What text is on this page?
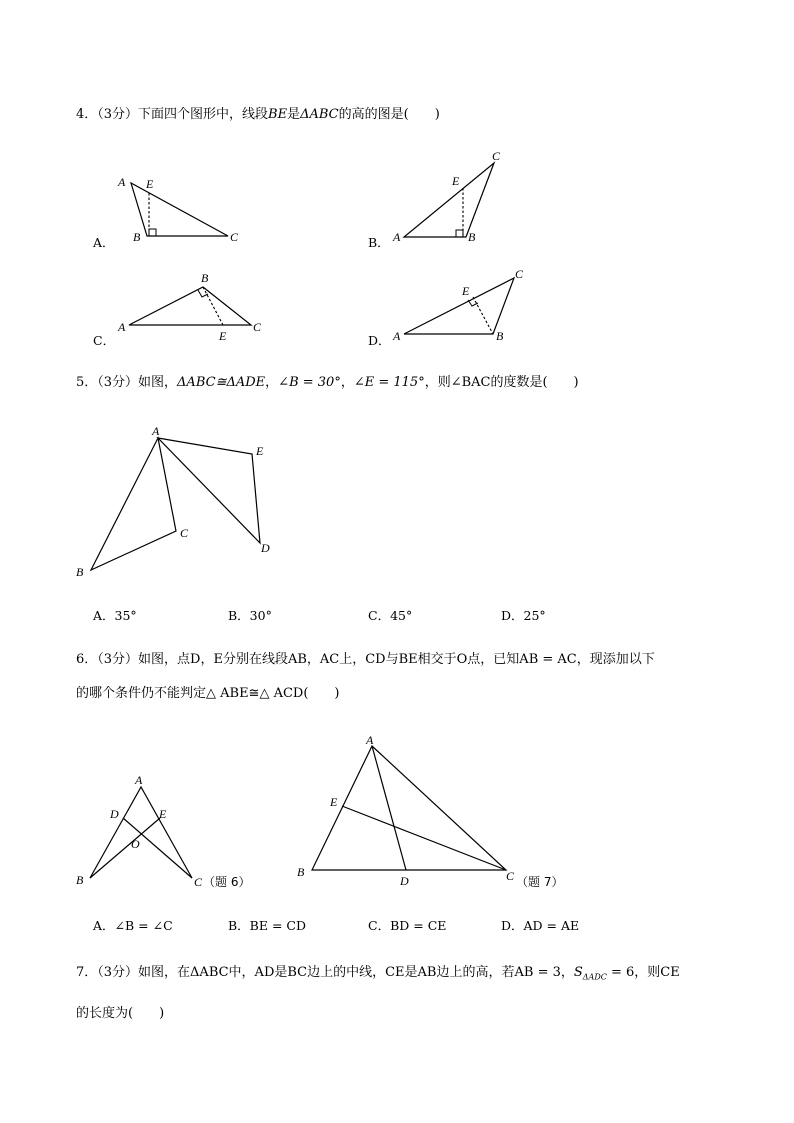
4．（3分）下面四个图形中，线段BE是ΔABC的高的图是(　　)
A．	B．
C．	D．
A E
B	C
C
E
A	B
B
A
E
C
C
E
A	B
5．（3分）如图，ΔABC≅ΔADE，∠B = 30°，∠E = 115°，则∠BAC的度数是(　　)
A
E
C
D
B
A．35°	B．30°	C．45°	D．25°
6．（3分）如图，点D，E分别在线段AB，AC上，CD与BE相交于O点，已知AB = AC，现添加以下
的哪个条件仍不能判定△ ABE≅△ ACD(　　)
A
D	E
O
B	C （题 6）
A
E
B
D	C （题 7）
A．∠B = ∠C	B．BE = CD	C．BD = CE	D．AD = AE
7．（3分）如图，在ΔABC中，AD是BC边上的中线，CE是AB边上的高，若AB = 3，$S_{\Delta ADC} = 6$，则CE
的长度为(　　)
